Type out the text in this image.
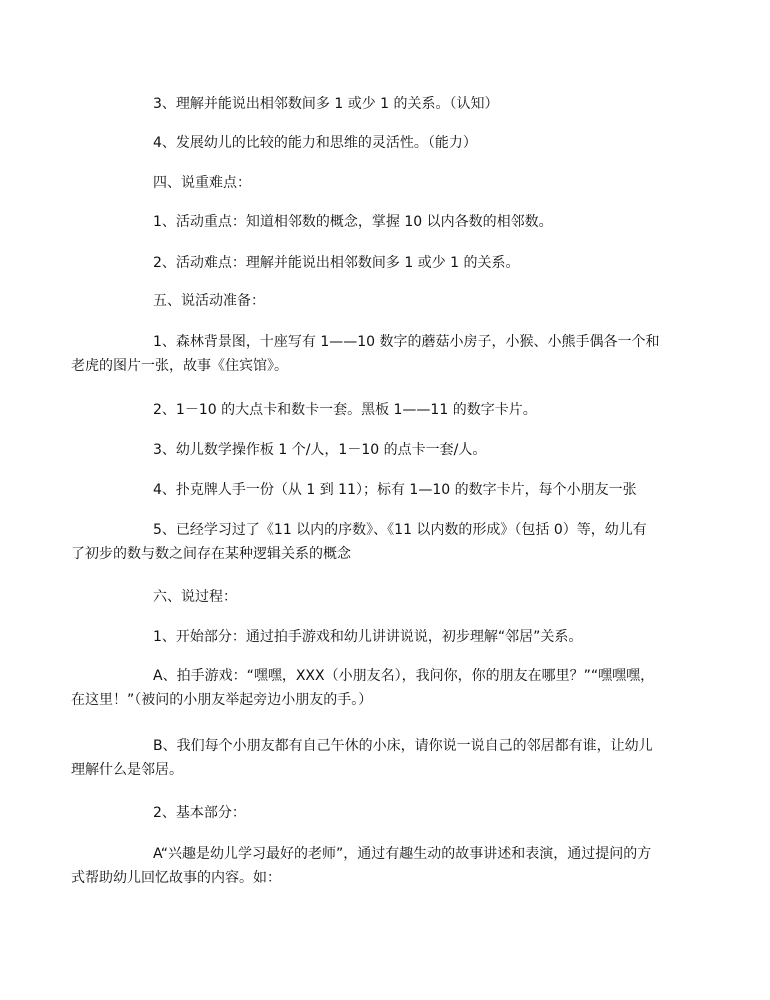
3、理解并能说出相邻数间多 1 或少 1 的关系。（认知）

4、发展幼儿的比较的能力和思维的灵活性。（能力）

四、说重难点：

1、活动重点：知道相邻数的概念，掌握 10 以内各数的相邻数。

2、活动难点：理解并能说出相邻数间多 1 或少 1 的关系。

五、说活动准备：

1、森林背景图，十座写有 1——10 数字的蘑菇小房子，小猴、小熊手偶各一个和
老虎的图片一张，故事《住宾馆》。

2、1－10 的大点卡和数卡一套。黑板 1——11 的数字卡片。

3、幼儿数学操作板 1 个/人，1－10 的点卡一套/人。

4、扑克牌人手一份（从 1 到 11）；标有 1—10 的数字卡片，每个小朋友一张

5、已经学习过了《11 以内的序数》、《11 以内数的形成》（包括 0）等，幼儿有
了初步的数与数之间存在某种逻辑关系的概念

六、说过程：

1、开始部分：通过拍手游戏和幼儿讲讲说说，初步理解“邻居”关系。

A、拍手游戏：“嘿嘿，XXX（小朋友名），我问你，你的朋友在哪里？”“嘿嘿嘿，
在这里！”（被问的小朋友举起旁边小朋友的手。）

B、我们每个小朋友都有自己午休的小床，请你说一说自己的邻居都有谁，让幼儿
理解什么是邻居。

2、基本部分：

A“兴趣是幼儿学习最好的老师”，通过有趣生动的故事讲述和表演，通过提问的方
式帮助幼儿回忆故事的内容。如：
